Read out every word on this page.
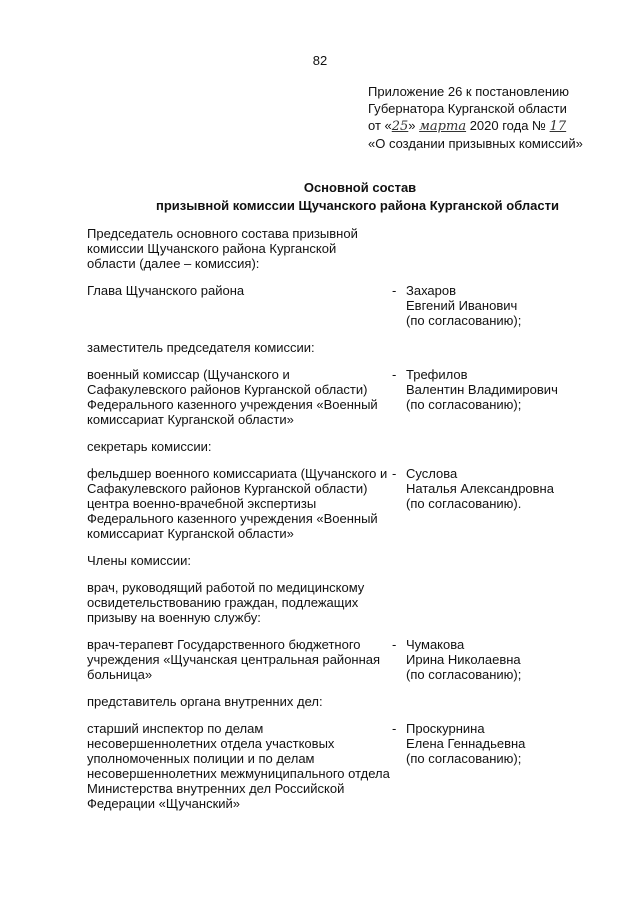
82
Приложение 26 к постановлению
Губернатора Курганской области
от «25» марта 2020 года № 17
«О создании призывных комиссий»
Основной состав
призывной комиссии Щучанского района Курганской области
Председатель основного состава призывной комиссии Щучанского района Курганской области (далее – комиссия):
Глава Щучанского района	- Захаров
Евгений Иванович
(по согласованию);
заместитель председателя комиссии:
военный комиссар (Щучанского и Сафакулевского районов Курганской области) Федерального казенного учреждения «Военный комиссариат Курганской области»
- Трефилов
Валентин Владимирович
(по согласованию);
секретарь комиссии:
фельдшер военного комиссариата (Щучанского и Сафакулевского районов Курганской области) центра военно-врачебной экспертизы Федерального казенного учреждения «Военный комиссариат Курганской области»
- Суслова
Наталья Александровна
(по согласованию).
Члены комиссии:
врач, руководящий работой по медицинскому освидетельствованию граждан, подлежащих призыву на военную службу:
врач-терапевт Государственного бюджетного учреждения «Щучанская центральная районная больница»
- Чумакова
Ирина Николаевна
(по согласованию);
представитель органа внутренних дел:
старший инспектор по делам несовершеннолетних отдела участковых уполномоченных полиции и по делам несовершеннолетних межмуниципального отдела Министерства внутренних дел Российской Федерации «Щучанский»
- Проскурнина
Елена Геннадьевна
(по согласованию);
